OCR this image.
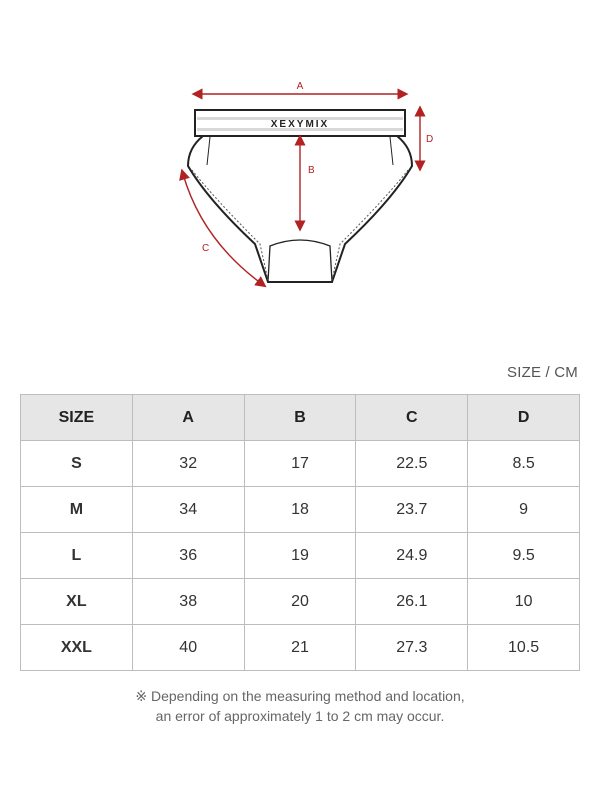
A
XEXYMIX
B
C
D
SIZE / CM
SIZE	A	B	C	D
S	32	17	22.5	8.5
M	34	18	23.7	9
L	36	19	24.9	9.5
XL	38	20	26.1	10
XXL	40	21	27.3	10.5
※ Depending on the measuring method and location,
an error of approximately 1 to 2 cm may occur.
